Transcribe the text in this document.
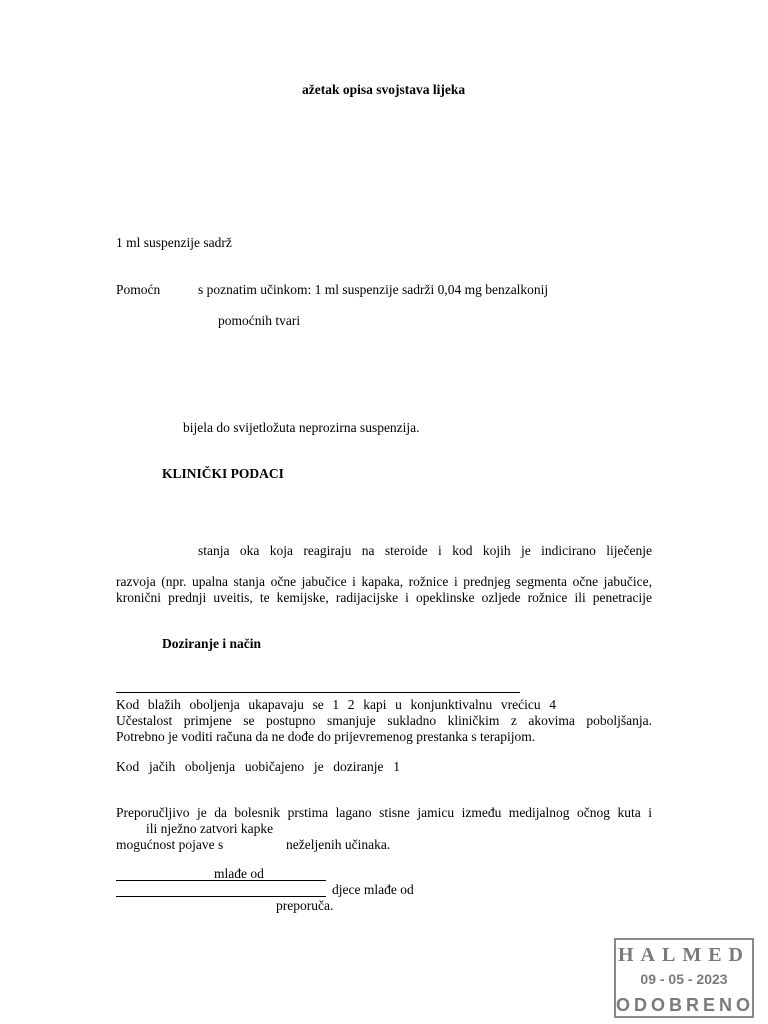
ažetak opisa svojstava lijeka
1 ml suspenzije sadrž
Pomoćn	s poznatim učinkom: 1 ml suspenzije sadrži 0,04 mg benzalkonij
pomoćnih tvari
bijela do svijetložuta neprozirna suspenzija.
KLINIČKI PODACI
stanja oka koja reagiraju na steroide i kod kojih je indicirano liječenje
razvoja (npr. upalna stanja očne jabučice i kapaka, rožnice i prednjeg segmenta očne jabučice,
kronični prednji uveitis, te kemijske, radijacijske i opeklinske ozljede rožnice ili penetracije
Doziranje i način
Kod blažih oboljenja ukapavaju se 1 2 kapi u konjunktivalnu vrećicu 4
Učestalost primjene se postupno smanjuje sukladno kliničkim z akovima poboljšanja.
Potrebno je voditi računa da ne dođe do prijevremenog prestanka s terapijom.
Kod jačih oboljenja uobičajeno je doziranje 1
Preporučljivo je da bolesnik prstima lagano stisne jamicu između medijalnog očnog kuta i
ili nježno zatvori kapke
mogućnost pojave s	neželjenih učinaka.
mlađe od
djece mlađe od
preporuča.
HALMED
09 - 05 - 2023
ODOBRENO
